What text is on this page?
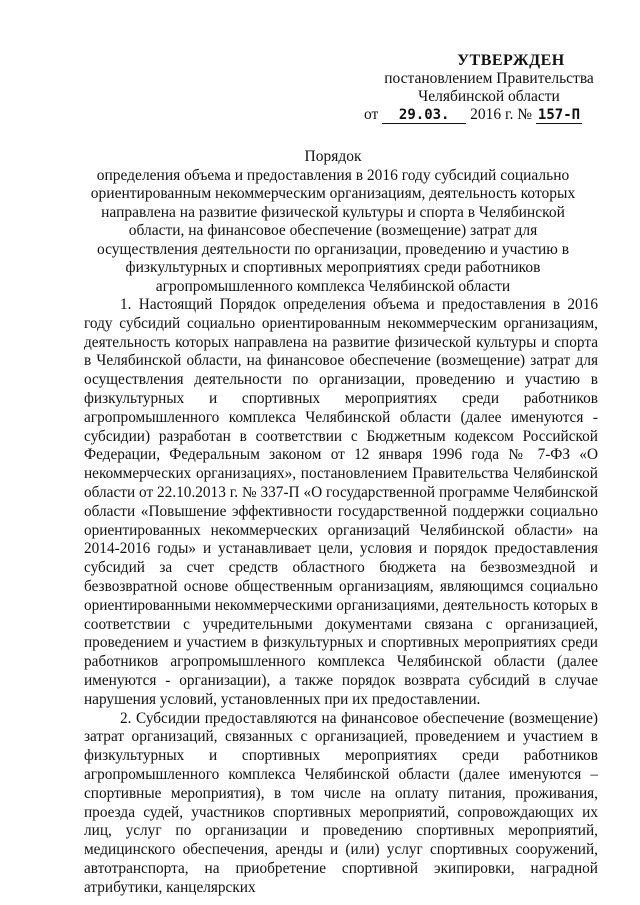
УТВЕРЖДЕН
постановлением Правительства
Челябинской области
от 29.03. 2016 г. № 157-П
Порядок
определения объема и предоставления в 2016 году субсидий социально ориентированным некоммерческим организациям, деятельность которых направлена на развитие физической культуры и спорта в Челябинской области, на финансовое обеспечение (возмещение) затрат для осуществления деятельности по организации, проведению и участию в физкультурных и спортивных мероприятиях среди работников агропромышленного комплекса Челябинской области

1. Настоящий Порядок определения объема и предоставления в 2016 году субсидий социально ориентированным некоммерческим организациям, деятельность которых направлена на развитие физической культуры и спорта в Челябинской области, на финансовое обеспечение (возмещение) затрат для осуществления деятельности по организации, проведению и участию в физкультурных и спортивных мероприятиях среди работников агропромышленного комплекса Челябинской области (далее именуются - субсидии) разработан в соответствии с Бюджетным кодексом Российской Федерации, Федеральным законом от 12 января 1996 года № 7-ФЗ «О некоммерческих организациях», постановлением Правительства Челябинской области от 22.10.2013 г. № 337-П «О государственной программе Челябинской области «Повышение эффективности государственной поддержки социально ориентированных некоммерческих организаций Челябинской области» на 2014-2016 годы» и устанавливает цели, условия и порядок предоставления субсидий за счет средств областного бюджета на безвозмездной и безвозвратной основе общественным организациям, являющимся социально ориентированными некоммерческими организациями, деятельность которых в соответствии с учредительными документами связана с организацией, проведением и участием в физкультурных и спортивных мероприятиях среди работников агропромышленного комплекса Челябинской области (далее именуются - организации), а также порядок возврата субсидий в случае нарушения условий, установленных при их предоставлении.

2. Субсидии предоставляются на финансовое обеспечение (возмещение) затрат организаций, связанных с организацией, проведением и участием в физкультурных и спортивных мероприятиях среди работников агропромышленного комплекса Челябинской области (далее именуются – спортивные мероприятия), в том числе на оплату питания, проживания, проезда судей, участников спортивных мероприятий, сопровождающих их лиц, услуг по организации и проведению спортивных мероприятий, медицинского обеспечения, аренды и (или) услуг спортивных сооружений, автотранспорта, на приобретение спортивной экипировки, наградной атрибутики, канцелярских
